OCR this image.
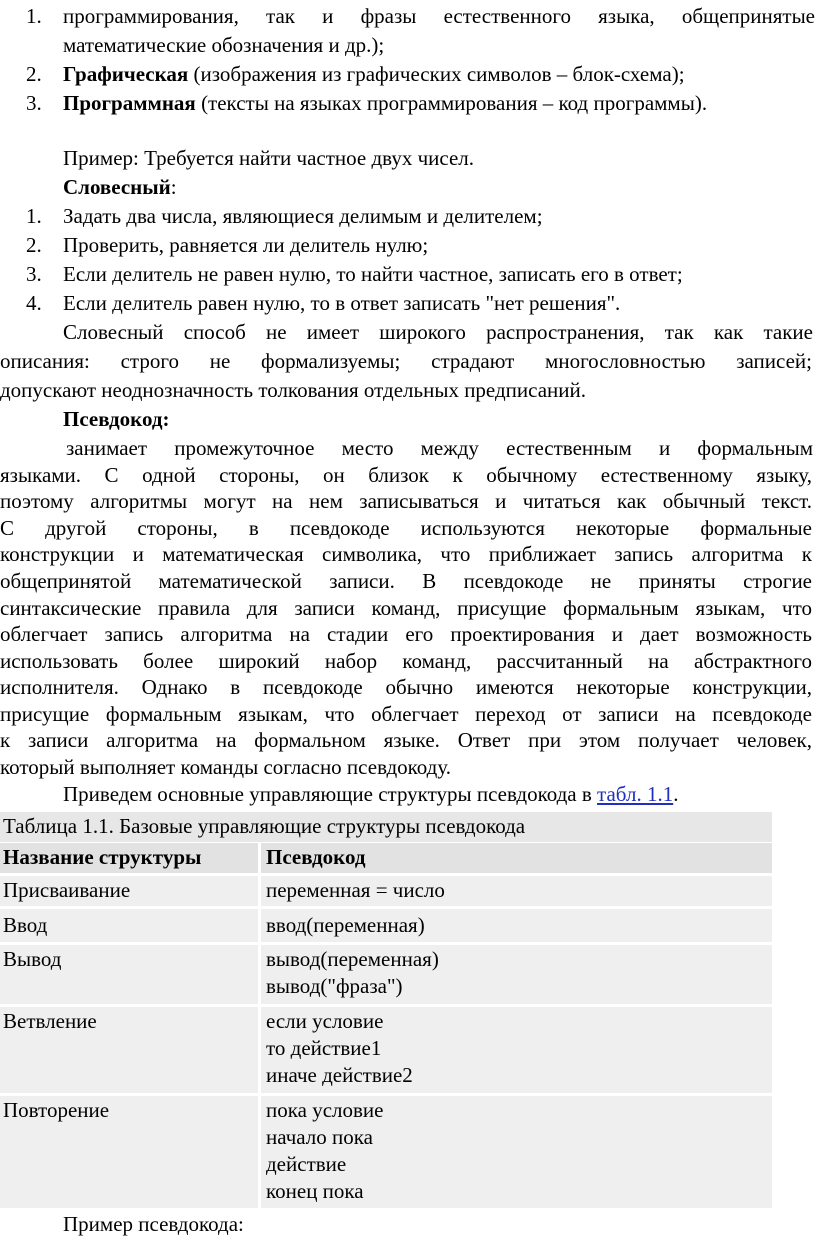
1. программирования, так и фразы естественного языка, общепринятые
математические обозначения и др.);
2. Графическая (изображения из графических символов – блок-схема);
3. Программная (тексты на языках программирования – код программы).
Пример: Требуется найти частное двух чисел.
Словесный:
1. Задать два числа, являющиеся делимым и делителем;
2. Проверить, равняется ли делитель нулю;
3. Если делитель не равен нулю, то найти частное, записать его в ответ;
4. Если делитель равен нулю, то в ответ записать "нет решения".
Словесный способ не имеет широкого распространения, так как такие
описания: строго не формализуемы; страдают многословностью записей;
допускают неоднозначность толкования отдельных предписаний.
Псевдокод:
занимает промежуточное место между естественным и формальным
языками. С одной стороны, он близок к обычному естественному языку,
поэтому алгоритмы могут на нем записываться и читаться как обычный текст.
С другой стороны, в псевдокоде используются некоторые формальные
конструкции и математическая символика, что приближает запись алгоритма к
общепринятой математической записи. В псевдокоде не приняты строгие
синтаксические правила для записи команд, присущие формальным языкам, что
облегчает запись алгоритма на стадии его проектирования и дает возможность
использовать более широкий набор команд, рассчитанный на абстрактного
исполнителя. Однако в псевдокоде обычно имеются некоторые конструкции,
присущие формальным языкам, что облегчает переход от записи на псевдокоде
к записи алгоритма на формальном языке. Ответ при этом получает человек,
который выполняет команды согласно псевдокоду.
Таблица 1.1. Базовые управляющие структуры псевдокода
Название структуры	Псевдокод
Присваивание	переменная = число
Ввод	ввод(переменная)
Вывод	вывод(переменная)
вывод("фраза")
Ветвление	если условие
то действие1
иначе действие2
Повторение	пока условие
начало пока
действие
конец пока
Пример псевдокода:
Приведем основные управляющие структуры псевдокода в табл. 1.1.
